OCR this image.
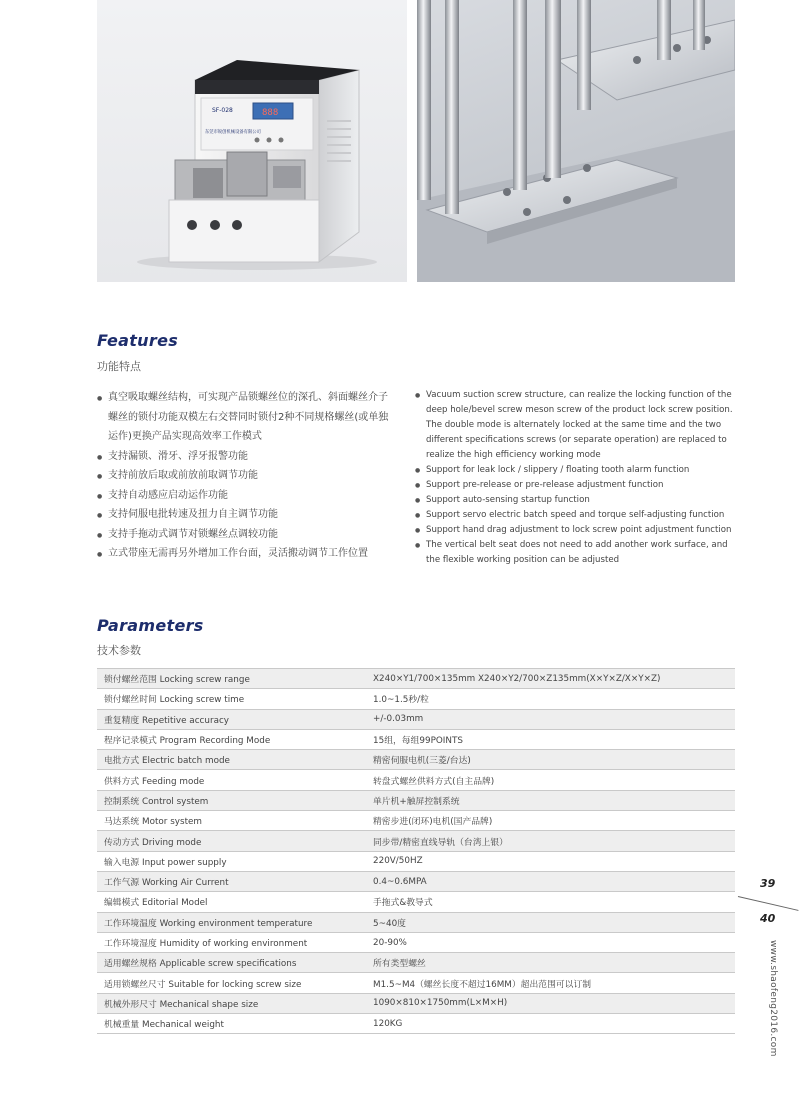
SF-028	888
东莞市锐创机械设备有限公司
Features
功能特点
● 真空吸取螺丝结构，可实现产品锁螺丝位的深孔、斜面螺丝介子螺丝的锁付功能双模左右交替同时锁付2种不同规格螺丝(或单独运作)更换产品实现高效率工作模式
● 支持漏锁、滑牙、浮牙报警功能
● 支持前放后取或前放前取调节功能
● 支持自动感应启动运作功能
● 支持伺服电批转速及扭力自主调节功能
● 支持手拖动式调节对锁螺丝点调较功能
● 立式带座无需再另外增加工作台面，灵活搬动调节工作位置
● Vacuum suction screw structure, can realize the locking function of the deep hole/bevel screw meson screw of the product lock screw position. The double mode is alternately locked at the same time and the two different specifications screws (or separate operation) are replaced to realize the high efficiency working mode
● Support for leak lock / slippery / floating tooth alarm function
● Support pre-release or pre-release adjustment function
● Support auto-sensing startup function
● Support servo electric batch speed and torque self-adjusting function
● Support hand drag adjustment to lock screw point adjustment function
● The vertical belt seat does not need to add another work surface, and the flexible working position can be adjusted
Parameters
技术参数
锁付螺丝范围 Locking screw range	X240×Y1/700×135mm X240×Y2/700×Z135mm(X×Y×Z/X×Y×Z)
锁付螺丝时间 Locking screw time	1.0~1.5秒/粒
重复精度 Repetitive accuracy	+/-0.03mm
程序记录模式 Program Recording Mode	15组，每组99POINTS
电批方式 Electric batch mode	精密伺服电机(三菱/台达)
供料方式 Feeding mode	转盘式螺丝供料方式(自主品牌)
控制系统 Control system	单片机+触屏控制系统
马达系统 Motor system	精密步进(闭环)电机(国产品牌)
传动方式 Driving mode	同步带/精密直线导轨（台湾上银）
输入电源 Input power supply	220V/50HZ
工作气源 Working Air Current	0.4~0.6MPA
编辑模式 Editorial Model	手拖式&教导式
工作环境温度 Working environment temperature	5~40度
工作环境湿度 Humidity of working environment	20-90%
适用螺丝规格 Applicable screw specifications	所有类型螺丝
适用锁螺丝尺寸 Suitable for locking screw size	M1.5~M4（螺丝长度不超过16MM）超出范围可以订制
机械外形尺寸 Mechanical shape size	1090×810×1750mm(L×M×H)
机械重量 Mechanical weight	120KG
39
40
www.shaofeng2016.com
